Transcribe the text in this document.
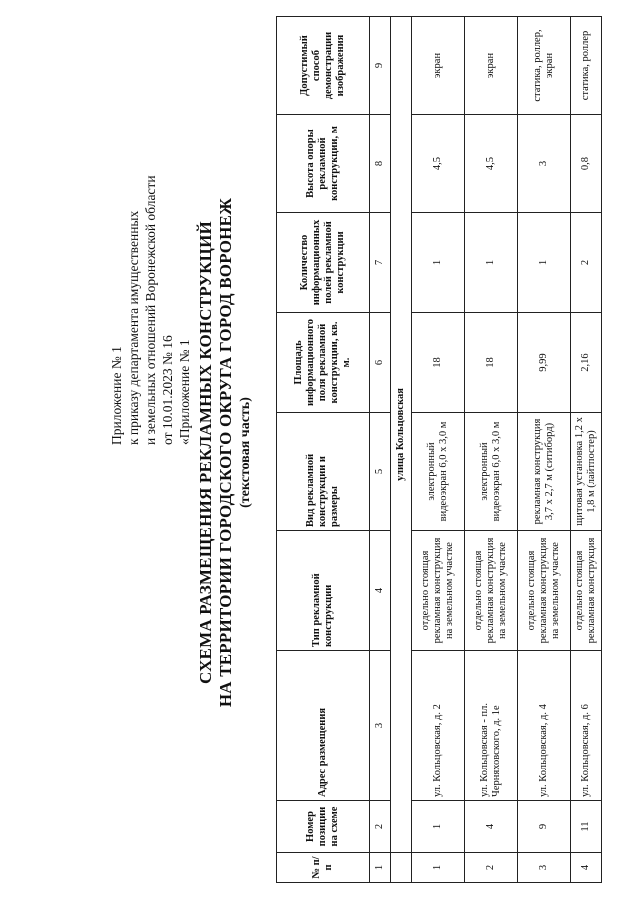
Приложение № 1 к приказу департамента имущественных и земельных отношений Воронежской области от 10.01.2023 № 16 «Приложение № 1 СХЕМА РАЗМЕЩЕНИЯ РЕКЛАМНЫХ КОНСТРУКЦИЙ НА ТЕРРИТОРИИ ГОРОДСКОГО ОКРУГА ГОРОД ВОРОНЕЖ (текстовая часть)
№ п/п	Номер позиции на схеме	Адрес размещения	Тип рекламной конструкции	Вид рекламной конструкции и размеры	Площадь информационного поля рекламной конструкции, кв. м.	Количество информационных полей рекламной конструкции	Высота опоры рекламной конструкции, м	Допустимый способ демонстрации изображения
1	2	3	4	5	6	7	8	9
	улица Кольцовская							
1	1	ул. Кольцовская, д. 2	отдельно стоящая рекламная конструкция на земельном участке	электронный видеоэкран 6,0 x 3,0 м	18	1	4,5	экран
2	4	ул. Кольцовская - пл. Черняховского, д. 1е	отдельно стоящая рекламная конструкция на земельном участке	электронный видеоэкран 6,0 x 3,0 м	18	1	4,5	экран
3	9	ул. Кольцовская, д. 4	отдельно стоящая рекламная конструкция на земельном участке	рекламная конструкция 3,7 x 2,7 м (ситиборд)	9,99	1	3	статика, роллер, экран
4	11	ул. Кольцовская, д. 6	отдельно стоящая рекламная конструкция	щитовая установка 1,2 x 1,8 м (лайтпостер)	2,16	2	0,8	статика, роллер
